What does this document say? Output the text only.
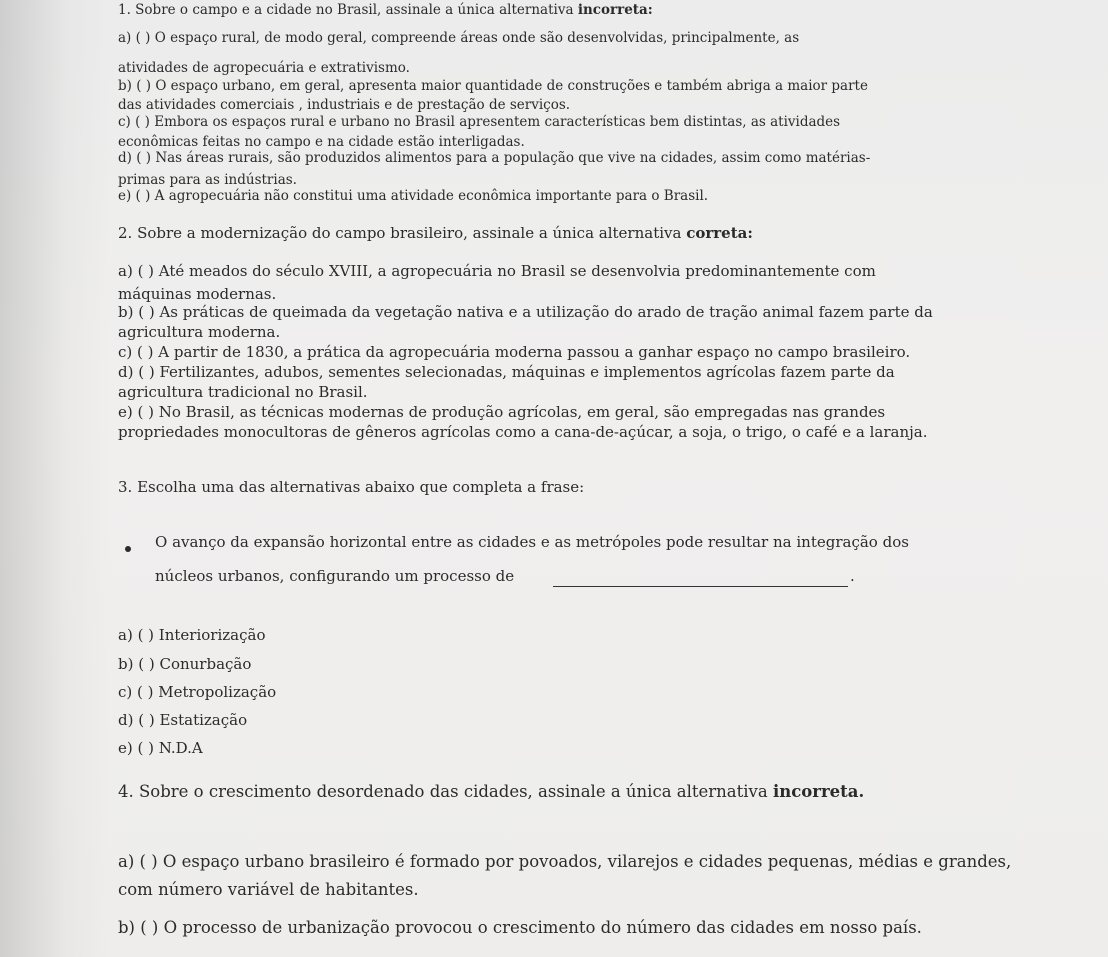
1. Sobre o campo e a cidade no Brasil, assinale a única alternativa incorreta:
a) ( ) O espaço rural, de modo geral, compreende áreas onde são desenvolvidas, principalmente, as
atividades de agropecuária e extrativismo.
b) ( ) O espaço urbano, em geral, apresenta maior quantidade de construções e também abriga a maior parte
das atividades comerciais , industriais e de prestação de serviços.
c) ( ) Embora os espaços rural e urbano no Brasil apresentem características bem distintas, as atividades
econômicas feitas no campo e na cidade estão interligadas.
d) ( ) Nas áreas rurais, são produzidos alimentos para a população que vive na cidades, assim como matérias-
primas para as indústrias.
e) ( ) A agropecuária não constitui uma atividade econômica importante para o Brasil.
2. Sobre a modernização do campo brasileiro, assinale a única alternativa correta:
a) ( ) Até meados do século XVIII, a agropecuária no Brasil se desenvolvia predominantemente com
máquinas modernas.
b) ( ) As práticas de queimada da vegetação nativa e a utilização do arado de tração animal fazem parte da
agricultura moderna.
c) ( ) A partir de 1830, a prática da agropecuária moderna passou a ganhar espaço no campo brasileiro.
d) ( ) Fertilizantes, adubos, sementes selecionadas, máquinas e implementos agrícolas fazem parte da
agricultura tradicional no Brasil.
e) ( ) No Brasil, as técnicas modernas de produção agrícolas, em geral, são empregadas nas grandes
propriedades monocultoras de gêneros agrícolas como a cana-de-açúcar, a soja, o trigo, o café e a laranja.
3. Escolha uma das alternativas abaixo que completa a frase:
O avanço da expansão horizontal entre as cidades e as metrópoles pode resultar na integração dos
núcleos urbanos, configurando um processo de	.
a) ( ) Interiorização
b) ( ) Conurbação
c) ( ) Metropolização
d) ( ) Estatização
e) ( ) N.D.A
4. Sobre o crescimento desordenado das cidades, assinale a única alternativa incorreta.
a) ( ) O espaço urbano brasileiro é formado por povoados, vilarejos e cidades pequenas, médias e grandes,
com número variável de habitantes.
b) ( ) O processo de urbanização provocou o crescimento do número das cidades em nosso país.
